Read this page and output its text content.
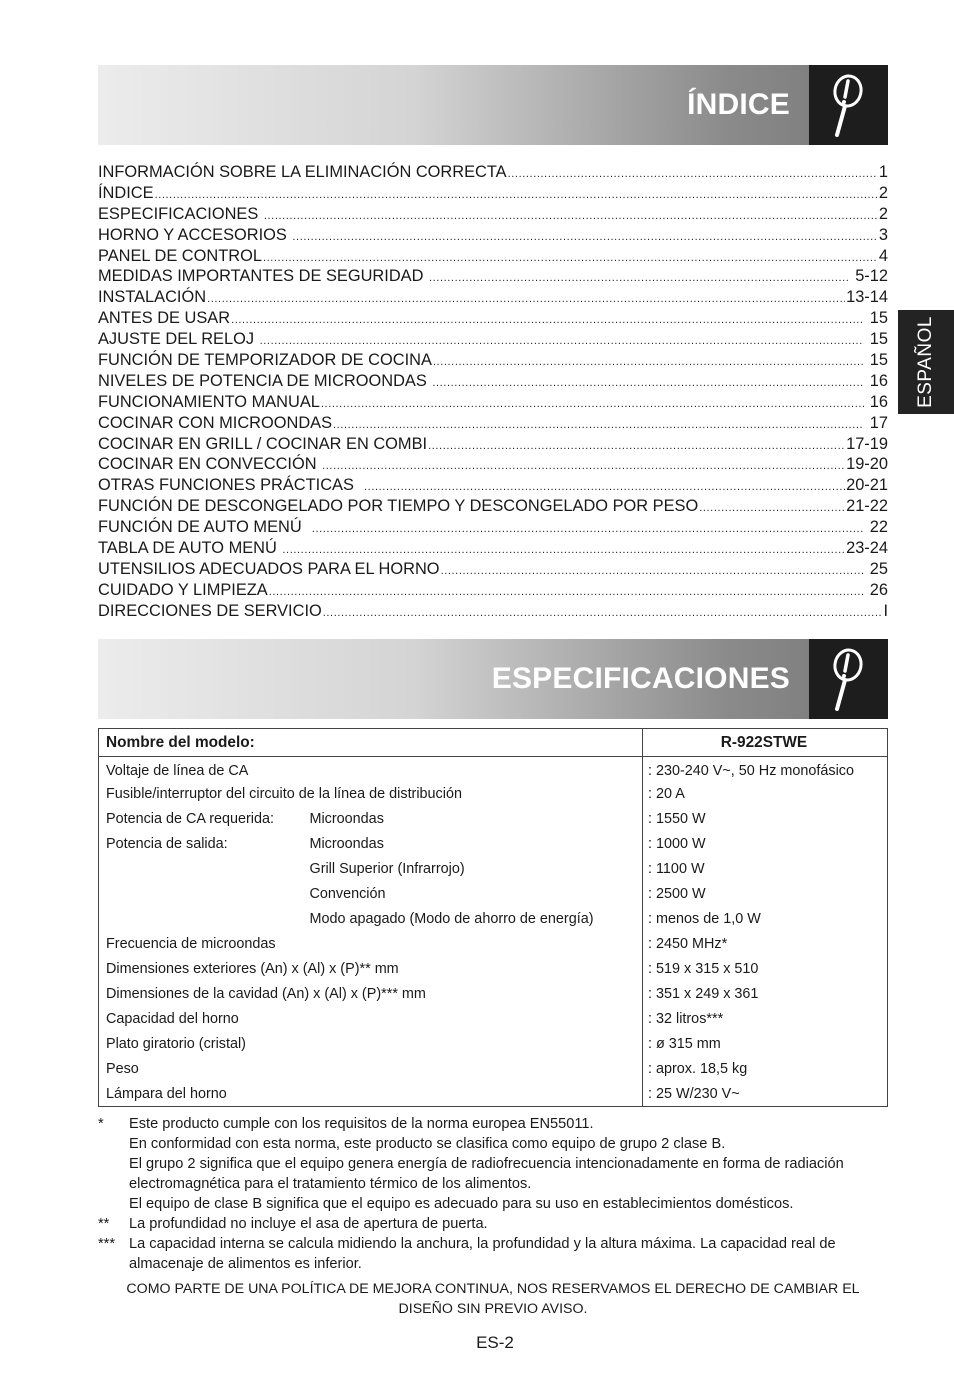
ÍNDICE
ESPAÑOL
INFORMACIÓN SOBRE LA ELIMINACIÓN CORRECTA .....	1
ÍNDICE .....	2
ESPECIFICACIONES .....	2
HORNO Y ACCESORIOS .....	3
PANEL DE CONTROL .....	4
MEDIDAS IMPORTANTES DE SEGURIDAD .....	5-12
INSTALACIÓN .....	13-14
ANTES DE USAR .....	15
AJUSTE DEL RELOJ .....	15
FUNCIÓN DE TEMPORIZADOR DE COCINA .....	15
NIVELES DE POTENCIA DE MICROONDAS .....	16
FUNCIONAMIENTO MANUAL .....	16
COCINAR CON MICROONDAS .....	17
COCINAR EN GRILL / COCINAR EN COMBI .....	17-19
COCINAR EN CONVECCIÓN .....	19-20
OTRAS FUNCIONES PRÁCTICAS .....	20-21
FUNCIÓN DE DESCONGELADO POR TIEMPO Y DESCONGELADO POR PESO .....	21-22
FUNCIÓN DE AUTO MENÚ .....	22
TABLA DE AUTO MENÚ .....	23-24
UTENSILIOS ADECUADOS PARA EL HORNO .....	25
CUIDADO Y LIMPIEZA .....	26
DIRECCIONES DE SERVICIO .....	I
ESPECIFICACIONES
Nombre del modelo:		R-922STWE
Voltaje de línea de CA		: 230-240 V~, 50 Hz monofásico
Fusible/interruptor del circuito de la línea de distribución		: 20 A
Potencia de CA requerida:	Microondas	: 1550 W
Potencia de salida:	Microondas	: 1000 W
	Grill Superior (Infrarrojo)	: 1100 W
	Convención	: 2500 W
	Modo apagado (Modo de ahorro de energía)	: menos de 1,0 W
Frecuencia de microondas		: 2450 MHz*
Dimensiones exteriores (An) x (Al) x (P)** mm		: 519 x 315 x 510
Dimensiones de la cavidad (An) x (Al) x (P)*** mm		: 351 x 249 x 361
Capacidad del horno		: 32 litros***
Plato giratorio (cristal)		: ø 315 mm
Peso		: aprox. 18,5 kg
Lámpara del horno		: 25 W/230 V~
*	Este producto cumple con los requisitos de la norma europea EN55011.

En conformidad con esta norma, este producto se clasifica como equipo de grupo 2 clase B.

El grupo 2 significa que el equipo genera energía de radiofrecuencia intencionadamente en forma de radiación electromagnética para el tratamiento térmico de los alimentos.

El equipo de clase B significa que el equipo es adecuado para su uso en establecimientos domésticos.

**	La profundidad no incluye el asa de apertura de puerta.

*** La capacidad interna se calcula midiendo la anchura, la profundidad y la altura máxima. La capacidad real de almacenaje de alimentos es inferior.

COMO PARTE DE UNA POLÍTICA DE MEJORA CONTINUA, NOS RESERVAMOS EL DERECHO DE CAMBIAR EL DISEÑO SIN PREVIO AVISO.
ES-2
